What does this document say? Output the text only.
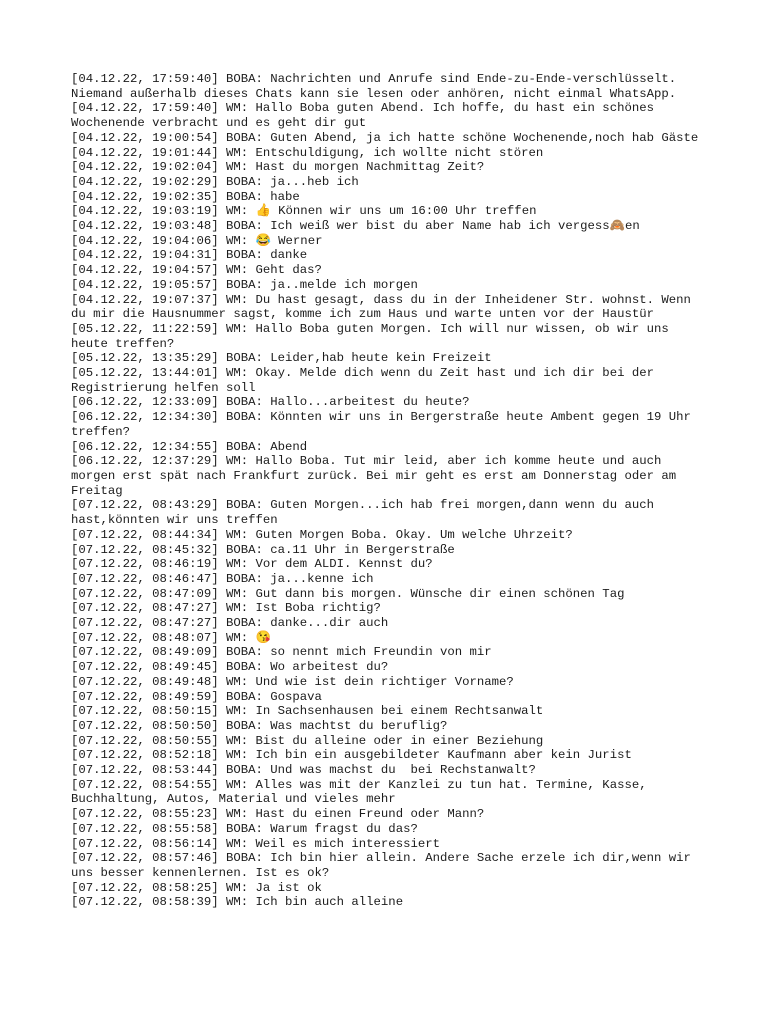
[04.12.22, 17:59:40] BOBA: Nachrichten und Anrufe sind Ende-zu-Ende-verschlüsselt. Niemand außerhalb dieses Chats kann sie lesen oder anhören, nicht einmal WhatsApp.

[04.12.22, 17:59:40] WM: Hallo Boba guten Abend. Ich hoffe, du hast ein schönes Wochenende verbracht und es geht dir gut

[04.12.22, 19:00:54] BOBA: Guten Abend, ja ich hatte schöne Wochenende,noch hab Gäste

[04.12.22, 19:01:44] WM: Entschuldigung, ich wollte nicht stören

[04.12.22, 19:02:04] WM: Hast du morgen Nachmittag Zeit?

[04.12.22, 19:02:29] BOBA: ja...heb ich

[04.12.22, 19:02:35] BOBA: habe

[04.12.22, 19:03:19] WM: 👍 Können wir uns um 16:00 Uhr treffen

[04.12.22, 19:03:48] BOBA: Ich weiß wer bist du aber Name hab ich vergess🙈en

[04.12.22, 19:04:06] WM: 😂 Werner

[04.12.22, 19:04:31] BOBA: danke

[04.12.22, 19:04:57] WM: Geht das?

[04.12.22, 19:05:57] BOBA: ja..melde ich morgen

[04.12.22, 19:07:37] WM: Du hast gesagt, dass du in der Inheidener Str. wohnst. Wenn du mir die Hausnummer sagst, komme ich zum Haus und warte unten vor der Haustür

[05.12.22, 11:22:59] WM: Hallo Boba guten Morgen. Ich will nur wissen, ob wir uns heute treffen?

[05.12.22, 13:35:29] BOBA: Leider,hab heute kein Freizeit

[05.12.22, 13:44:01] WM: Okay. Melde dich wenn du Zeit hast und ich dir bei der Registrierung helfen soll

[06.12.22, 12:33:09] BOBA: Hallo...arbeitest du heute?

[06.12.22, 12:34:30] BOBA: Könnten wir uns in Bergerstraße heute Ambent gegen 19 Uhr treffen?

[06.12.22, 12:34:55] BOBA: Abend

[06.12.22, 12:37:29] WM: Hallo Boba. Tut mir leid, aber ich komme heute und auch morgen erst spät nach Frankfurt zurück. Bei mir geht es erst am Donnerstag oder am Freitag

[07.12.22, 08:43:29] BOBA: Guten Morgen...ich hab frei morgen,dann wenn du auch hast,könnten wir uns treffen

[07.12.22, 08:44:34] WM: Guten Morgen Boba. Okay. Um welche Uhrzeit?

[07.12.22, 08:45:32] BOBA: ca.11 Uhr in Bergerstraße

[07.12.22, 08:46:19] WM: Vor dem ALDI. Kennst du?

[07.12.22, 08:46:47] BOBA: ja...kenne ich

[07.12.22, 08:47:09] WM: Gut dann bis morgen. Wünsche dir einen schönen Tag

[07.12.22, 08:47:27] WM: Ist Boba richtig?

[07.12.22, 08:47:27] BOBA: danke...dir auch

[07.12.22, 08:48:07] WM: 😘

[07.12.22, 08:49:09] BOBA: so nennt mich Freundin von mir

[07.12.22, 08:49:45] BOBA: Wo arbeitest du?

[07.12.22, 08:49:48] WM: Und wie ist dein richtiger Vorname?

[07.12.22, 08:49:59] BOBA: Gospava

[07.12.22, 08:50:15] WM: In Sachsenhausen bei einem Rechtsanwalt

[07.12.22, 08:50:50] BOBA: Was machtst du beruflig?

[07.12.22, 08:50:55] WM: Bist du alleine oder in einer Beziehung

[07.12.22, 08:52:18] WM: Ich bin ein ausgebildeter Kaufmann aber kein Jurist

[07.12.22, 08:53:44] BOBA: Und was machst du  bei Rechstanwalt?

[07.12.22, 08:54:55] WM: Alles was mit der Kanzlei zu tun hat. Termine, Kasse, Buchhaltung, Autos, Material und vieles mehr

[07.12.22, 08:55:23] WM: Hast du einen Freund oder Mann?

[07.12.22, 08:55:58] BOBA: Warum fragst du das?

[07.12.22, 08:56:14] WM: Weil es mich interessiert

[07.12.22, 08:57:46] BOBA: Ich bin hier allein. Andere Sache erzele ich dir,wenn wir uns besser kennenlernen. Ist es ok?

[07.12.22, 08:58:25] WM: Ja ist ok

[07.12.22, 08:58:39] WM: Ich bin auch alleine
